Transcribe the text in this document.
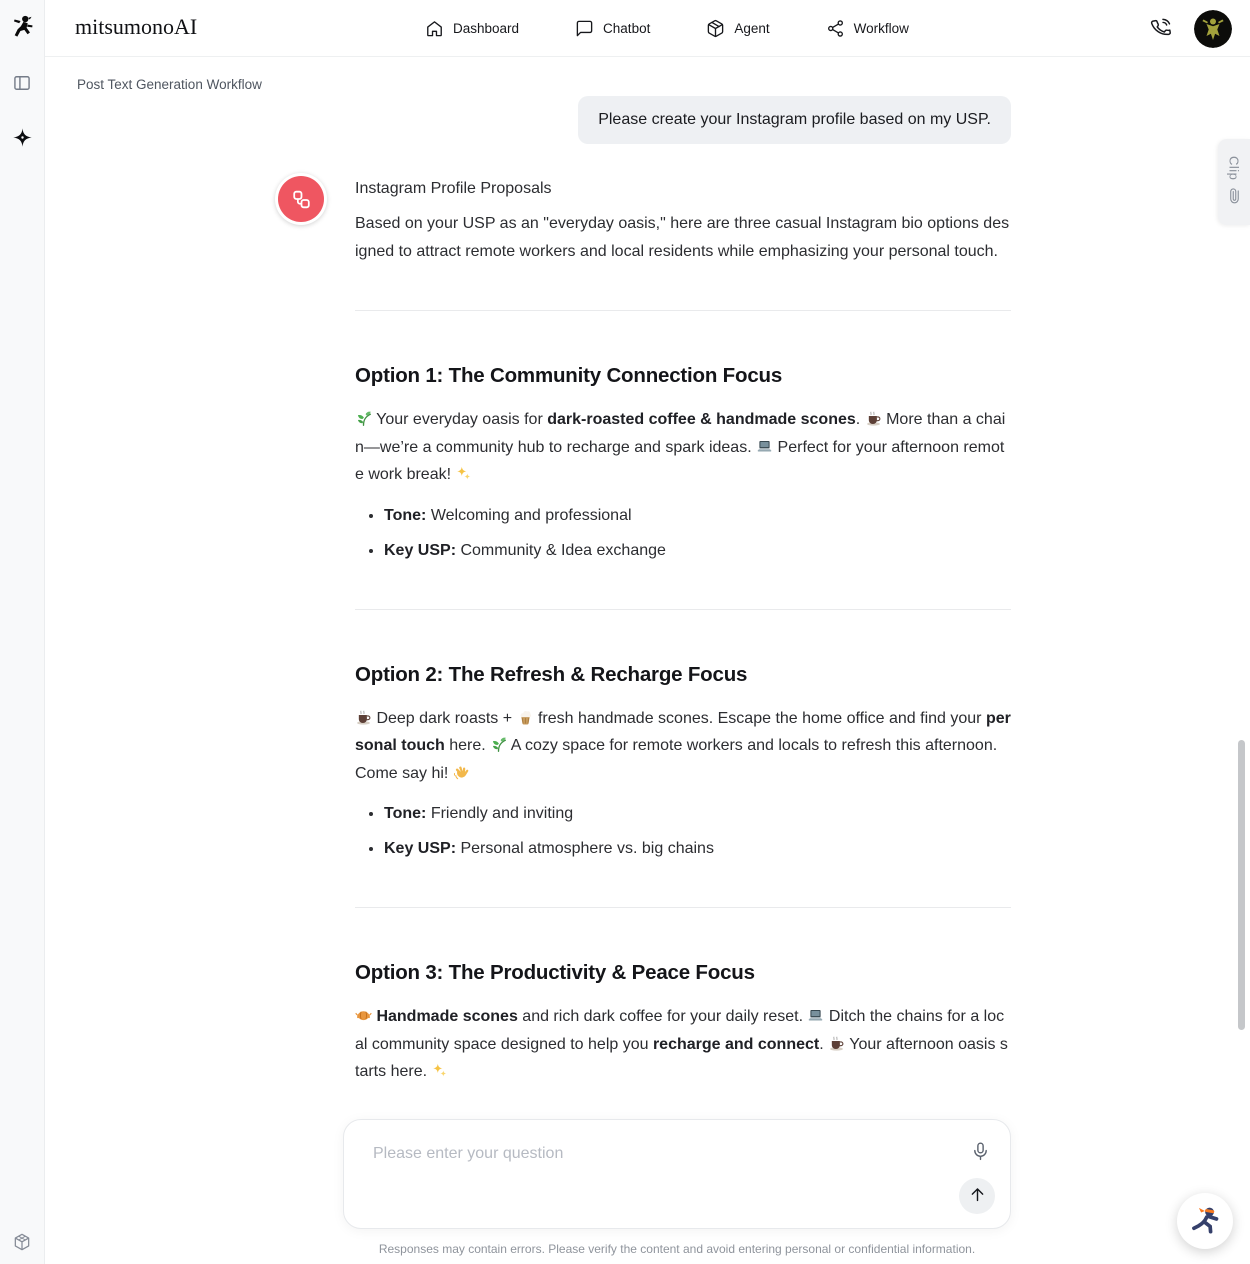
mitsumonoAI	Dashboard	Chatbot	Agent	Workflow
Post Text Generation Workflow
Please create your Instagram profile based on my USP.
Instagram Profile Proposals

Based on your USP as an "everyday oasis," here are three casual Instagram bio options designed to attract remote workers and local residents while emphasizing your personal touch.

Option 1: The Community Connection Focus

Your everyday oasis for dark-roasted coffee & handmade scones.  More than a chain—we’re a community hub to recharge and spark ideas.  Perfect for your afternoon remote work break!

• Tone: Welcoming and professional
• Key USP: Community & Idea exchange
Option 2: The Refresh & Recharge Focus

Deep dark roasts +  fresh handmade scones. Escape the home office and find your personal touch here.  A cozy space for remote workers and locals to refresh this afternoon. Come say hi!

• Tone: Friendly and inviting
• Key USP: Personal atmosphere vs. big chains
Option 3: The Productivity & Peace Focus

Handmade scones and rich dark coffee for your daily reset.  Ditch the chains for a local community space designed to help you recharge and connect.  Your afternoon oasis starts here.

Clip
Please enter your question
Responses may contain errors. Please verify the content and avoid entering personal or confidential information.
